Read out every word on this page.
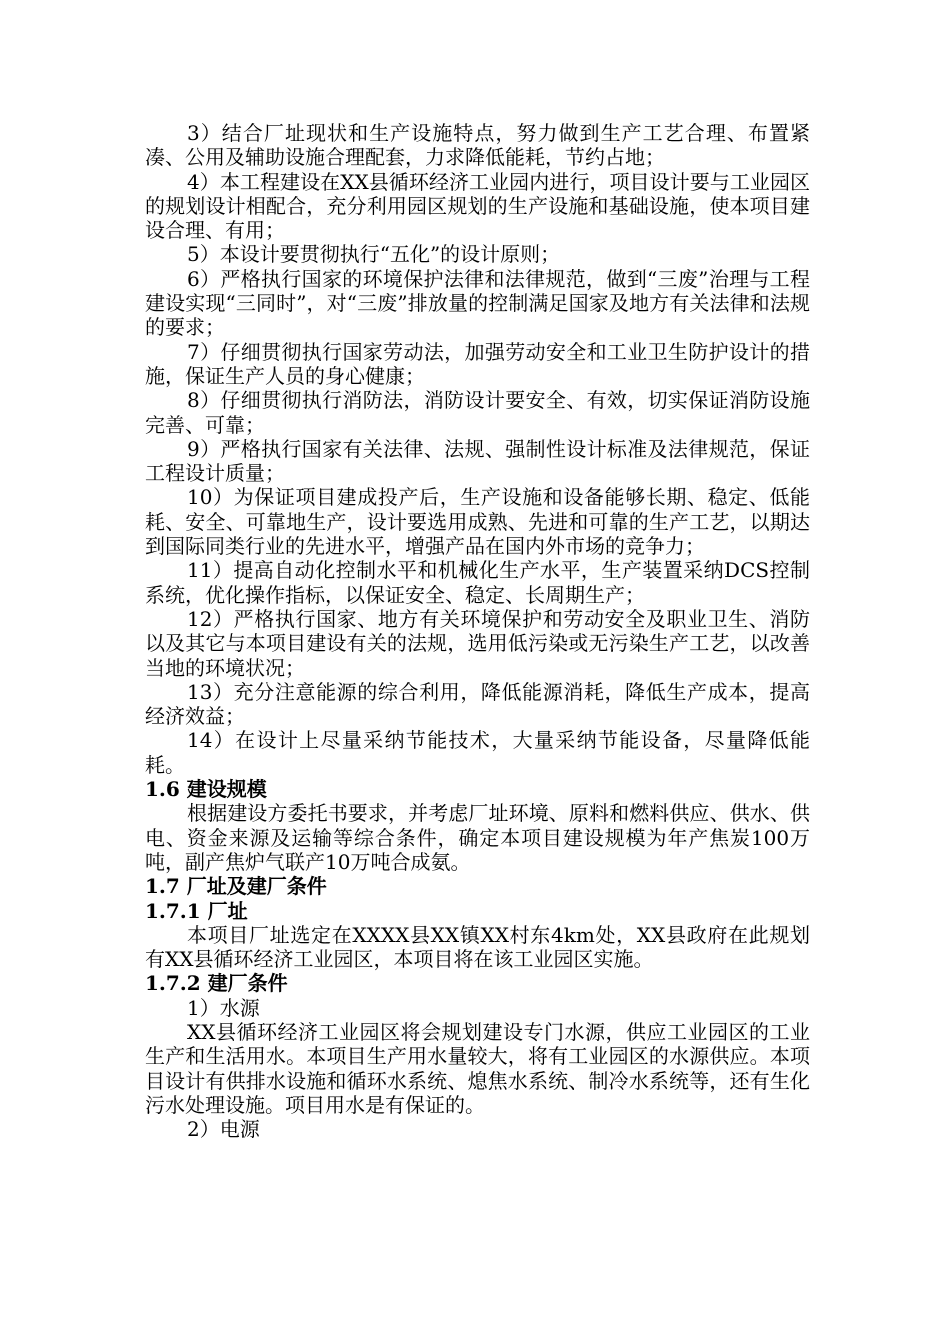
3）结合厂址现状和生产设施特点，努力做到生产工艺合理、布置紧凑、公用及辅助设施合理配套，力求降低能耗，节约占地；

4）本工程建设在XX县循环经济工业园内进行，项目设计要与工业园区的规划设计相配合，充分利用园区规划的生产设施和基础设施，使本项目建设合理、有用；

5）本设计要贯彻执行“五化”的设计原则；

6）严格执行国家的环境保护法律和法律规范，做到“三废”治理与工程建设实现“三同时”，对“三废”排放量的控制满足国家及地方有关法律和法规的要求；

7）仔细贯彻执行国家劳动法，加强劳动安全和工业卫生防护设计的措施，保证生产人员的身心健康；

8）仔细贯彻执行消防法，消防设计要安全、有效，切实保证消防设施完善、可靠；

9）严格执行国家有关法律、法规、强制性设计标准及法律规范，保证工程设计质量；

10）为保证项目建成投产后，生产设施和设备能够长期、稳定、低能耗、安全、可靠地生产，设计要选用成熟、先进和可靠的生产工艺，以期达到国际同类行业的先进水平，增强产品在国内外市场的竞争力；

11）提高自动化控制水平和机械化生产水平，生产装置采纳DCS控制系统，优化操作指标，以保证安全、稳定、长周期生产；

12）严格执行国家、地方有关环境保护和劳动安全及职业卫生、消防以及其它与本项目建设有关的法规，选用低污染或无污染生产工艺，以改善当地的环境状况；

13）充分注意能源的综合利用，降低能源消耗，降低生产成本，提高经济效益；

14）在设计上尽量采纳节能技术，大量采纳节能设备，尽量降低能耗。

1.6 建设规模

根据建设方委托书要求，并考虑厂址环境、原料和燃料供应、供水、供电、资金来源及运输等综合条件，确定本项目建设规模为年产焦炭100万吨，副产焦炉气联产10万吨合成氨。

1.7 厂址及建厂条件

1.7.1 厂址

本项目厂址选定在XXXX县XX镇XX村东4km处，XX县政府在此规划有XX县循环经济工业园区，本项目将在该工业园区实施。

1.7.2 建厂条件

1）水源

XX县循环经济工业园区将会规划建设专门水源，供应工业园区的工业生产和生活用水。本项目生产用水量较大，将有工业园区的水源供应。本项目设计有供排水设施和循环水系统、熄焦水系统、制冷水系统等，还有生化污水处理设施。项目用水是有保证的。

2）电源
